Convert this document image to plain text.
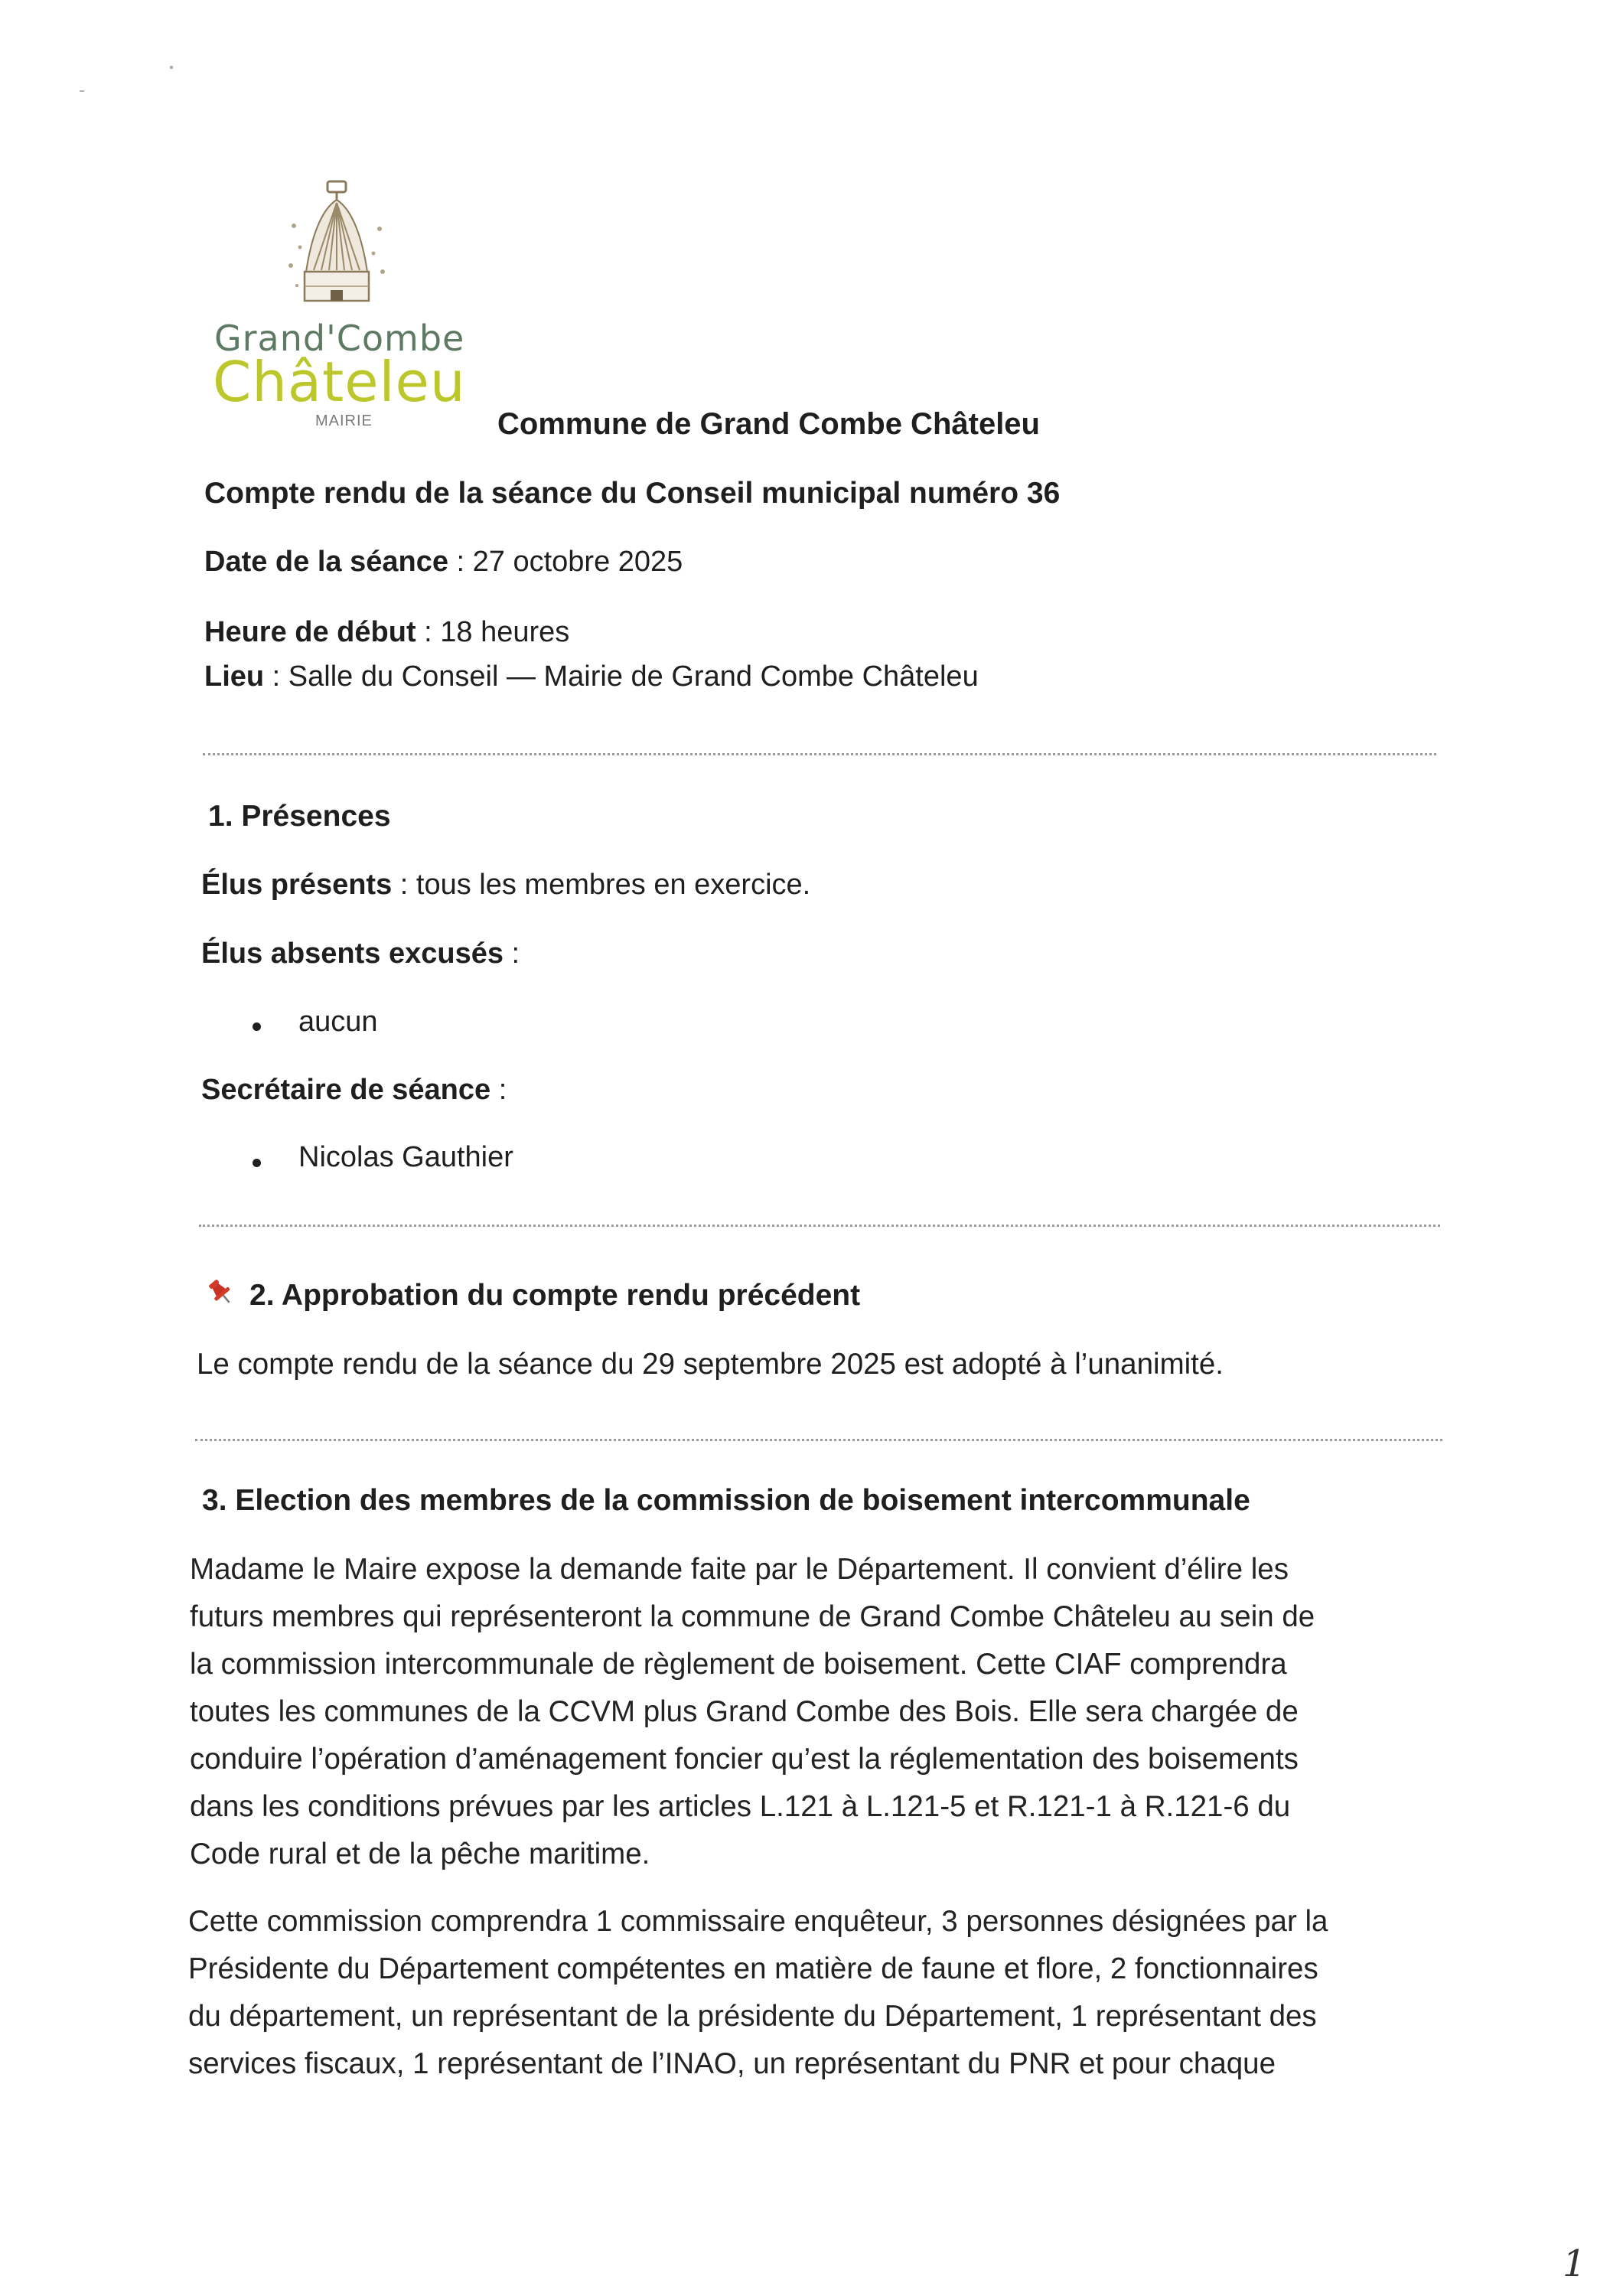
Grand'Combe
Châteleu
MAIRIE	Commune de Grand Combe Châteleu
Compte rendu de la séance du Conseil municipal numéro 36
Date de la séance : 27 octobre 2025
Heure de début : 18 heures
Lieu : Salle du Conseil — Mairie de Grand Combe Châteleu
1. Présences
Élus présents : tous les membres en exercice.
Élus absents excusés :
aucun
Secrétaire de séance :
Nicolas Gauthier
2. Approbation du compte rendu précédent
Le compte rendu de la séance du 29 septembre 2025 est adopté à l’unanimité.
3. Election des membres de la commission de boisement intercommunale

Madame le Maire expose la demande faite par le Département. Il convient d’élire les

futurs membres qui représenteront la commune de Grand Combe Châteleu au sein de

la commission intercommunale de règlement de boisement. Cette CIAF comprendra

toutes les communes de la CCVM plus Grand Combe des Bois. Elle sera chargée de

conduire l’opération d’aménagement foncier qu’est la réglementation des boisements

dans les conditions prévues par les articles L.121 à L.121-5 et R.121-1 à R.121-6 du

Code rural et de la pêche maritime.

Cette commission comprendra 1 commissaire enquêteur, 3 personnes désignées par la

Présidente du Département compétentes en matière de faune et flore, 2 fonctionnaires

du département, un représentant de la présidente du Département, 1 représentant des

services fiscaux, 1 représentant de l’INAO, un représentant du PNR et pour chaque

1
